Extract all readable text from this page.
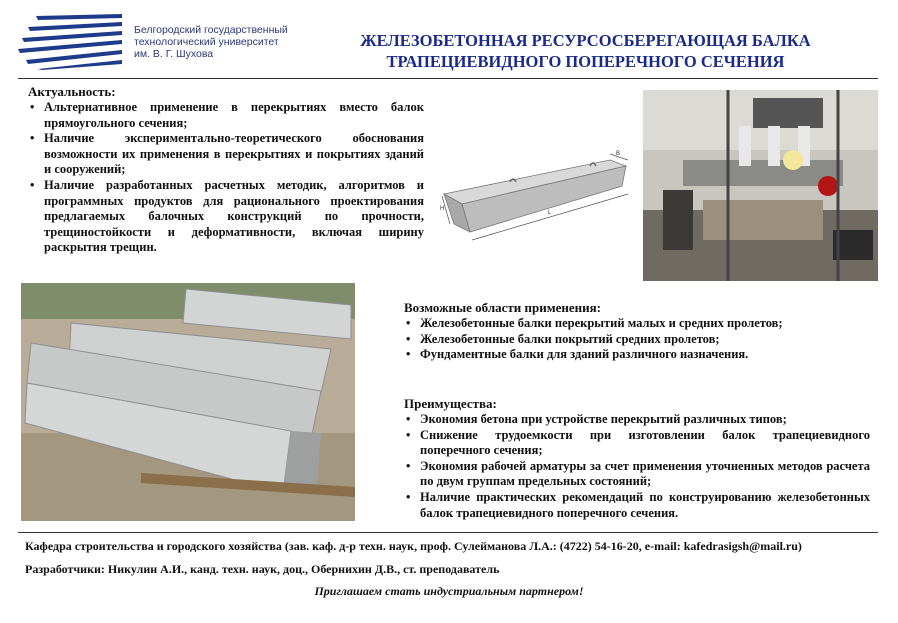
Белгородский государственный
технологический университет
им. В. Г. Шухова
ЖЕЛЕЗОБЕТОННАЯ РЕСУРСОСБЕРЕГАЮЩАЯ БАЛКА
ТРАПЕЦИЕВИДНОГО ПОПЕРЕЧНОГО СЕЧЕНИЯ
Актуальность:
• Альтернативное применение в перекрытиях вместо балок прямоугольного сечения;
• Наличие экспериментально-теоретического обоснования возможности их применения в перекрытиях и покрытиях зданий и сооружений;
• Наличие разработанных расчетных методик, алгоритмов и программных продуктов для рационального проектирования предлагаемых балочных конструкций по прочности, трещиностойкости и деформативности, включая ширину раскрытия трещин.
B
H
L
Возможные области применения:
• Железобетонные балки перекрытий малых и средних пролетов;
• Железобетонные балки покрытий средних пролетов;
• Фундаментные балки для зданий различного назначения.
Преимущества:
• Экономия бетона при устройстве перекрытий различных типов;
• Снижение трудоемкости при изготовлении балок трапециевидного поперечного сечения;
• Экономия рабочей арматуры за счет применения уточненных методов расчета по двум группам предельных состояний;
• Наличие практических рекомендаций по конструированию железобетонных балок трапециевидного поперечного сечения.
Кафедра строительства и городского хозяйства (зав. каф. д-р техн. наук, проф. Сулейманова Л.А.: (4722) 54-16-20, e-mail: kafedrasigsh@mail.ru)
Разработчики: Никулин А.И., канд. техн. наук, доц., Обернихин Д.В., ст. преподаватель
Приглашаем стать индустриальным партнером!
